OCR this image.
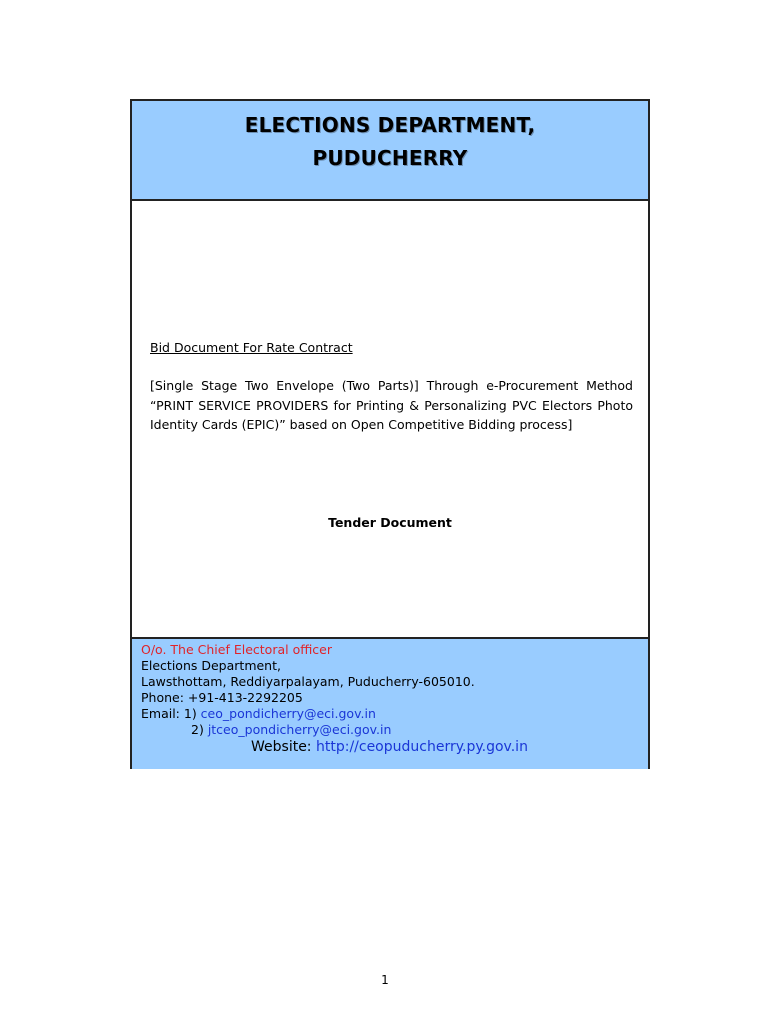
ELECTIONS DEPARTMENT,
PUDUCHERRY
Bid Document For Rate Contract
[Single Stage Two Envelope (Two Parts)] Through e-Procurement Method “PRINT SERVICE PROVIDERS for Printing & Personalizing PVC Electors Photo Identity Cards (EPIC)” based on Open Competitive Bidding process]
Tender Document
O/o. The Chief Electoral officer
Elections Department,
Lawsthottam, Reddiyarpalayam, Puducherry-605010.
Phone: +91-413-2292205
Email: 1) ceo_pondicherry@eci.gov.in
2) jtceo_pondicherry@eci.gov.in
Website: http://ceopuducherry.py.gov.in
1
